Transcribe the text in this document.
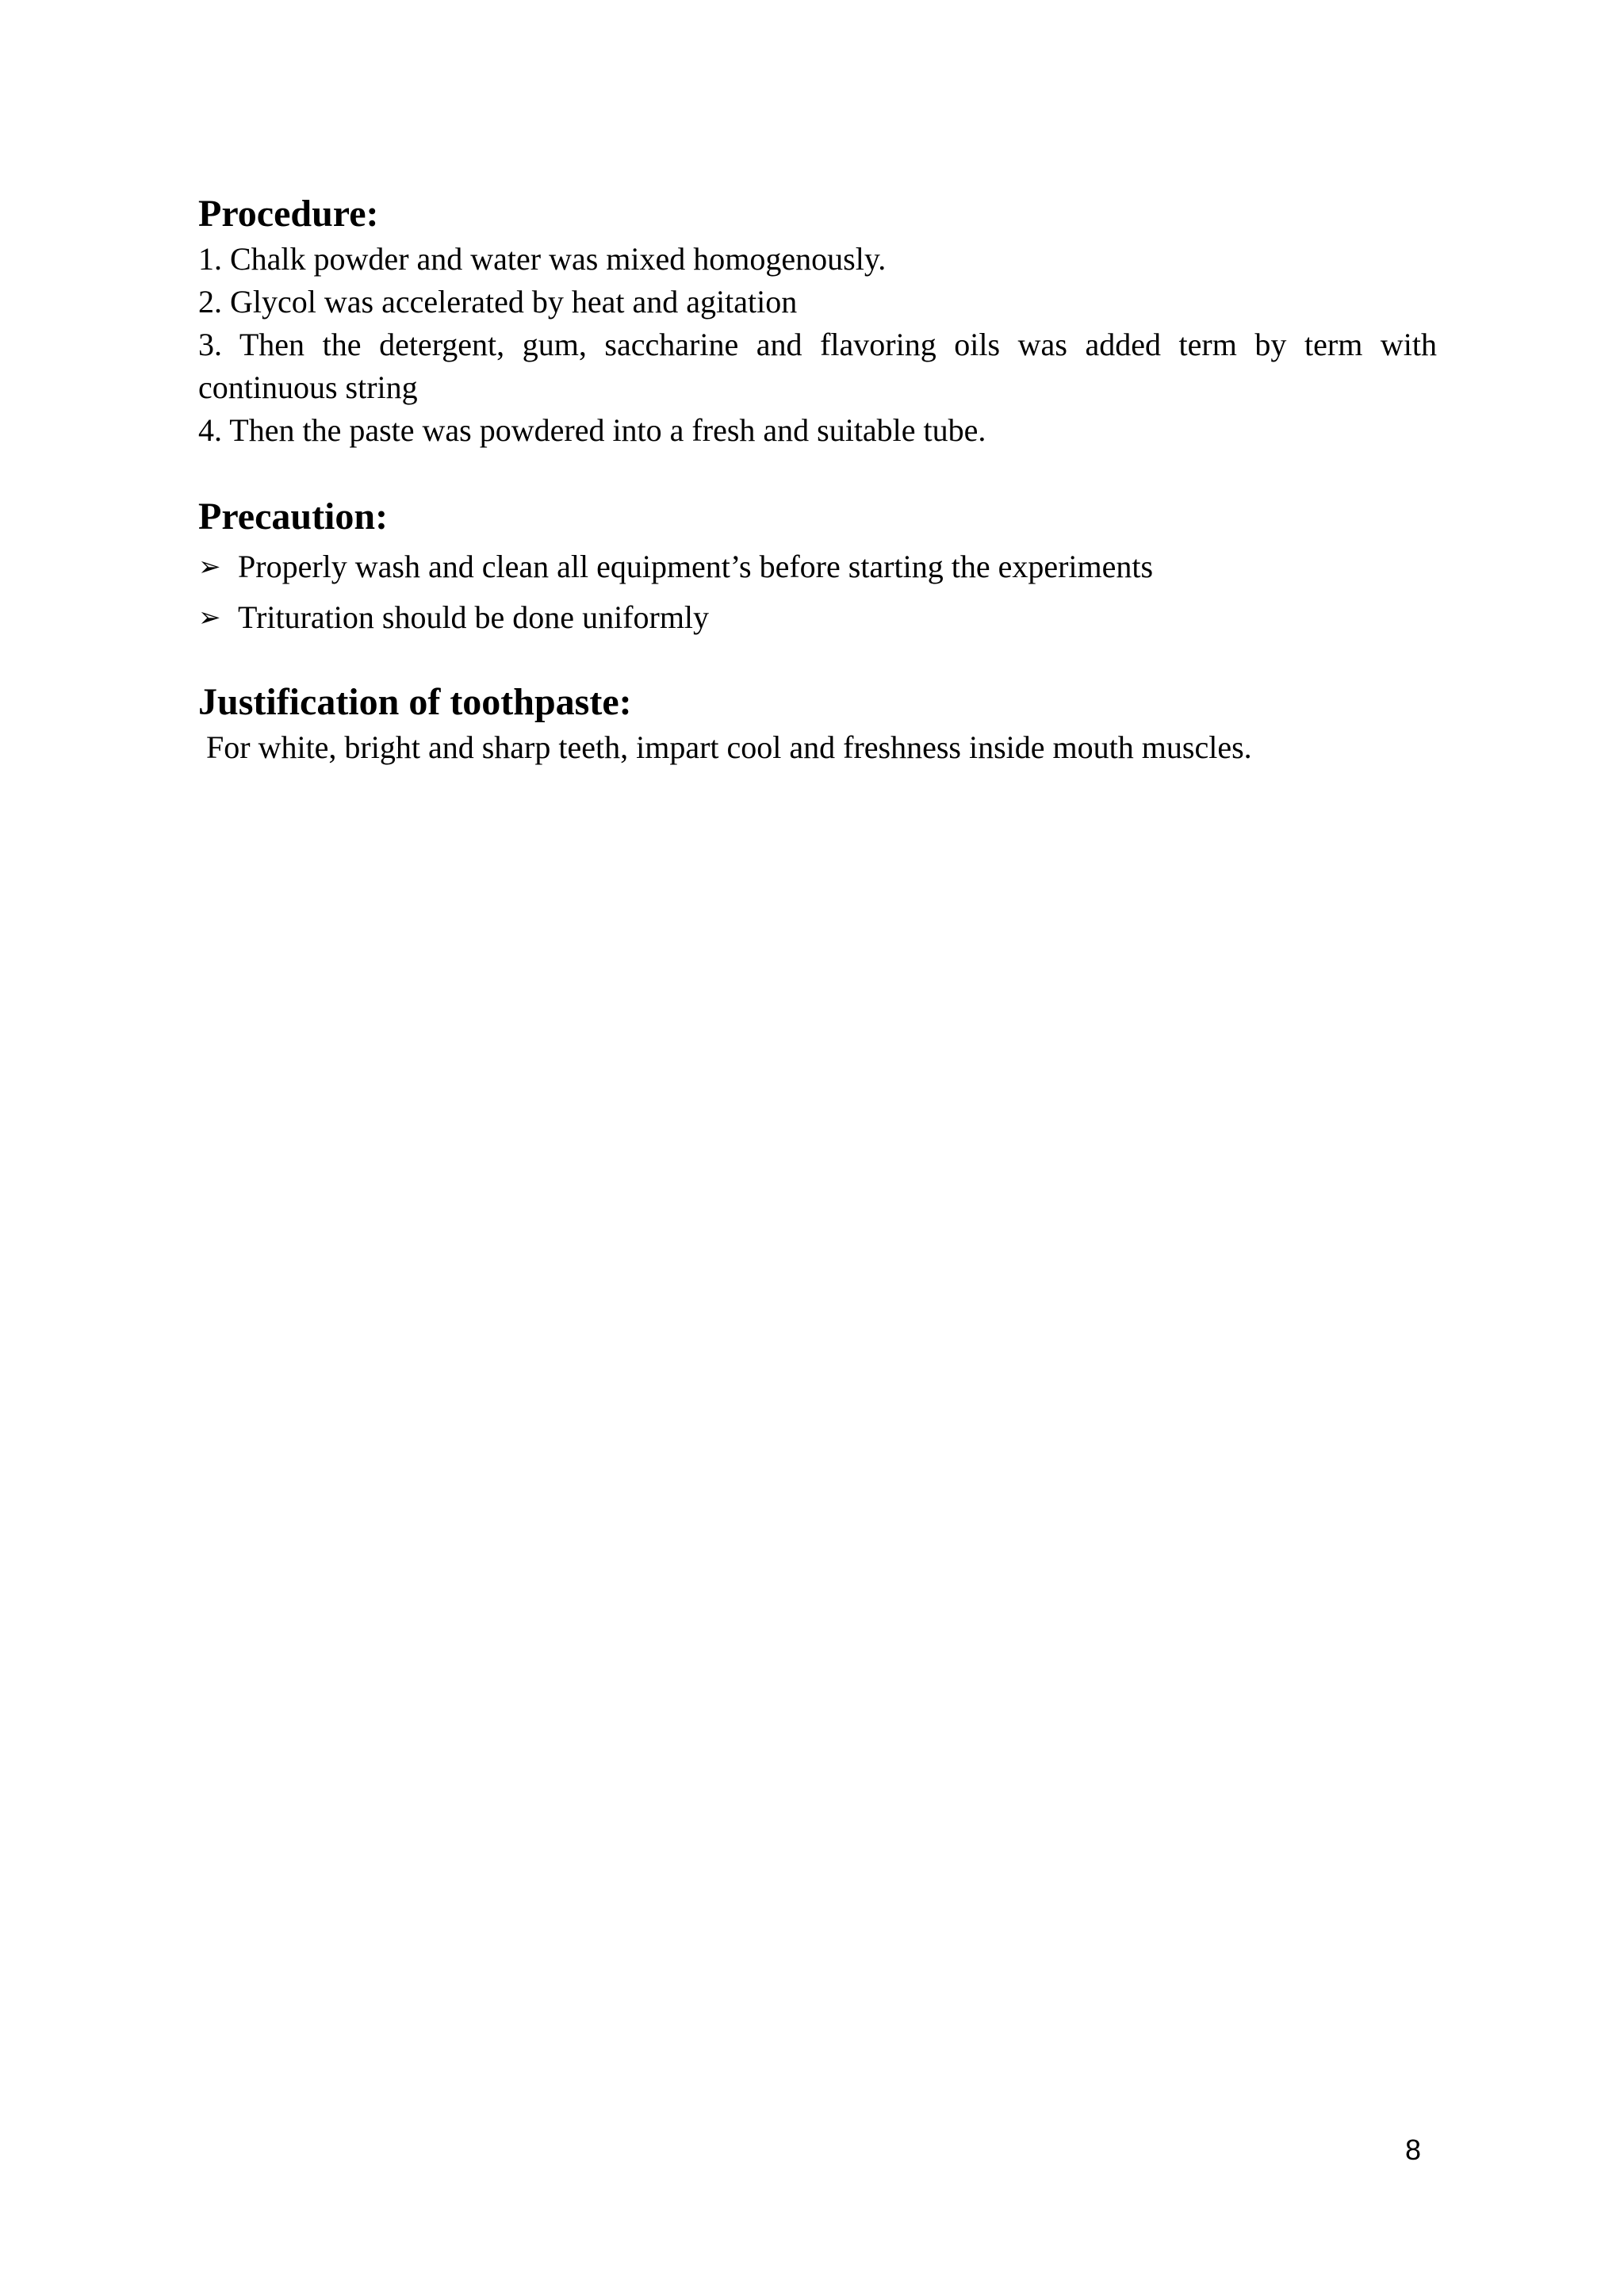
Procedure:

1. Chalk powder and water was mixed homogenously.

2. Glycol was accelerated by heat and agitation

3. Then the detergent, gum, saccharine and flavoring oils was added term by term with continuous string

4. Then the paste was powdered into a fresh and suitable tube.

Precaution:
➢ Properly wash and clean all equipment’s before starting the experiments
➢ Trituration should be done uniformly
Justification of toothpaste:

For white, bright and sharp teeth, impart cool and freshness inside mouth muscles.

8
